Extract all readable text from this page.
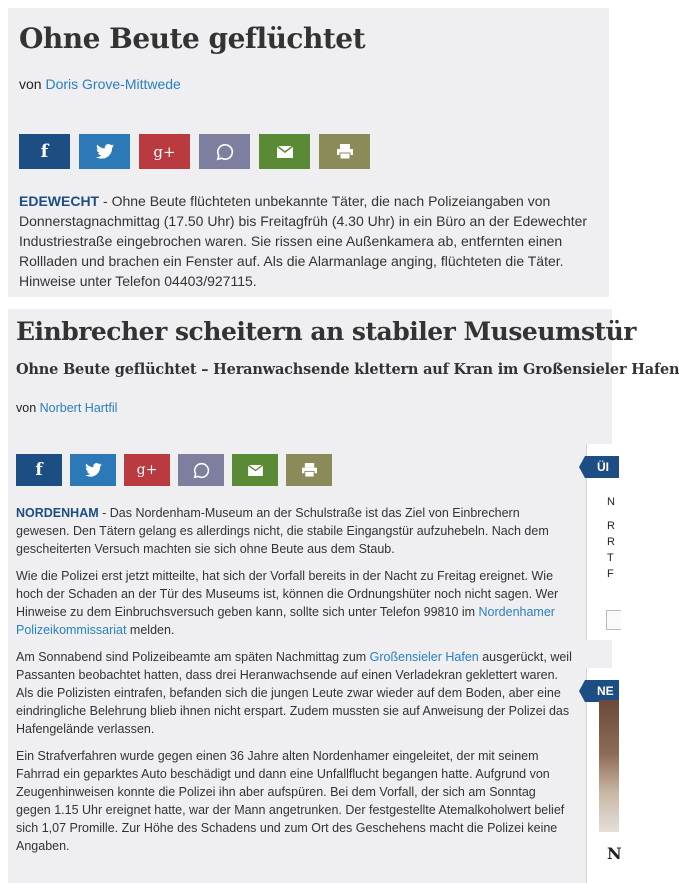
Ohne Beute geflüchtet
von Doris Grove-Mittwede
f	g+

EDEWECHT - Ohne Beute flüchteten unbekannte Täter, die nach Polizeiangaben von Donnerstagnachmittag (17.50 Uhr) bis Freitagfrüh (4.30 Uhr) in ein Büro an der Edewechter Industriestraße eingebrochen waren. Sie rissen eine Außenkamera ab, entfernten einen Rollladen und brachen ein Fenster auf. Als die Alarmanlage anging, flüchteten die Täter. Hinweise unter Telefon 04403/927115.

Einbrecher scheitern an stabiler Museumstür
Ohne Beute geflüchtet – Heranwachsende klettern auf Kran im Großensieler Hafen
von Norbert Hartfil
f	g+

NORDENHAM - Das Nordenham-Museum an der Schulstraße ist das Ziel von Einbrechern gewesen. Den Tätern gelang es allerdings nicht, die stabile Eingangstür aufzuhebeln. Nach dem gescheiterten Versuch machten sie sich ohne Beute aus dem Staub.

Wie die Polizei erst jetzt mitteilte, hat sich der Vorfall bereits in der Nacht zu Freitag ereignet. Wie hoch der Schaden an der Tür des Museums ist, können die Ordnungshüter noch nicht sagen. Wer Hinweise zu dem Einbruchsversuch geben kann, sollte sich unter Telefon 99810 im Nordenhamer Polizeikommissariat melden.

Am Sonnabend sind Polizeibeamte am späten Nachmittag zum Großensieler Hafen ausgerückt, weil Passanten beobachtet hatten, dass drei Heranwachsende auf einen Verladekran geklettert waren. Als die Polizisten eintrafen, befanden sich die jungen Leute zwar wieder auf dem Boden, aber eine eindringliche Belehrung blieb ihnen nicht erspart. Zudem mussten sie auf Anweisung der Polizei das Hafengelände verlassen.

Ein Strafverfahren wurde gegen einen 36 Jahre alten Nordenhamer eingeleitet, der mit seinem Fahrrad ein geparktes Auto beschädigt und dann eine Unfallflucht begangen hatte. Aufgrund von Zeugenhinweisen konnte die Polizei ihn aber aufspüren. Bei dem Vorfall, der sich am Sonntag gegen 1.15 Uhr ereignet hatte, war der Mann angetrunken. Der festgestellte Atemalkoholwert belief sich 1,07 Promille. Zur Höhe des Schadens und zum Ort des Geschehens macht die Polizei keine Angaben.

ÜI
N
R
R
T
F
NE
N
